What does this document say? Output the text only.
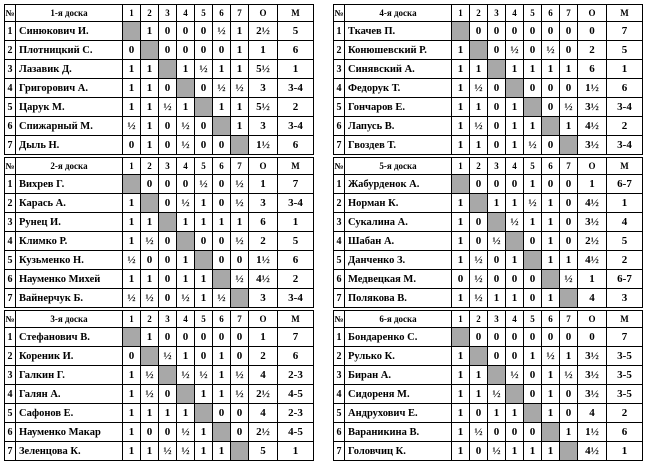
№	1-я доска	1	2	3	4	5	6	7	О	М
1	Синюкович И.		1	0	0	0	½	1	2½	5
2	Плотницкий С.	0		0	0	0	0	1	1	6
3	Лазавик Д.	1	1		1	½	1	1	5½	1
4	Григорович А.	1	1	0		0	½	½	3	3-4
5	Царук М.	1	1	½	1		1	1	5½	2
6	Спижарный М.	½	1	0	½	0		1	3	3-4
7	Дыль Н.	0	1	0	½	0	0		1½	6
№	2-я доска	1	2	3	4	5	6	7	О	М
1	Вихрев Г.		0	0	0	½	0	½	1	7
2	Карась А.	1		0	½	1	0	½	3	3-4
3	Рунец И.	1	1		1	1	1	1	6	1
4	Климко Р.	1	½	0		0	0	½	2	5
5	Кузьменко Н.	½	0	0	1		0	0	1½	6
6	Науменко Михей	1	1	0	1	1		½	4½	2
7	Вайнерчук Б.	½	½	0	½	1	½		3	3-4
№	3-я доска	1	2	3	4	5	6	7	О	М
1	Стефанович В.		1	0	0	0	0	0	1	7
2	Кореник И.	0		½	1	0	1	0	2	6
3	Галкин Г.	1	½		½	½	1	½	4	2-3
4	Галян А.	1	½	0		1	1	½	2½	4-5
5	Сафонов Е.	1	1	1	1		0	0	4	2-3
6	Науменко Макар	1	0	0	½	1		0	2½	4-5
7	Зеленцова К.	1	1	½	½	1	1		5	1
№	4-я доска	1	2	3	4	5	6	7	О	М
1	Ткачев П.		0	0	0	0	0	0	0	7
2	Конюшевский Р.	1		0	½	0	½	0	2	5
3	Синявский А.	1	1		1	1	1	1	6	1
4	Федорук Т.	1	½	0		0	0	0	1½	6
5	Гончаров Е.	1	1	0	1		0	½	3½	3-4
6	Лапусь В.	1	½	0	1	1		1	4½	2
7	Гвоздев Т.	1	1	0	1	½	0		3½	3-4
№	5-я доска	1	2	3	4	5	6	7	О	М
1	Жабурденок А.		0	0	0	1	0	0	1	6-7
2	Норман К.	1		1	1	½	1	0	4½	1
3	Сукалина А.	1	0		½	1	1	0	3½	4
4	Шабан А.	1	0	½		0	1	0	2½	5
5	Данченко З.	1	½	0	1		1	1	4½	2
6	Медвецкая М.	0	½	0	0	0		½	1	6-7
7	Полякова В.	1	½	1	1	0	1		4	3
№	6-я доска	1	2	3	4	5	6	7	О	М
1	Бондаренко С.		0	0	0	0	0	0	0	7
2	Рулько К.	1		0	0	1	½	1	3½	3-5
3	Биран А.	1	1		½	0	1	½	3½	3-5
4	Сидореня М.	1	1	½		0	1	0	3½	3-5
5	Андрухович Е.	1	0	1	1		1	0	4	2
6	Вараникина В.	1	½	0	0	0		1	1½	6
7	Головчиц К.	1	0	½	1	1	1		4½	1
